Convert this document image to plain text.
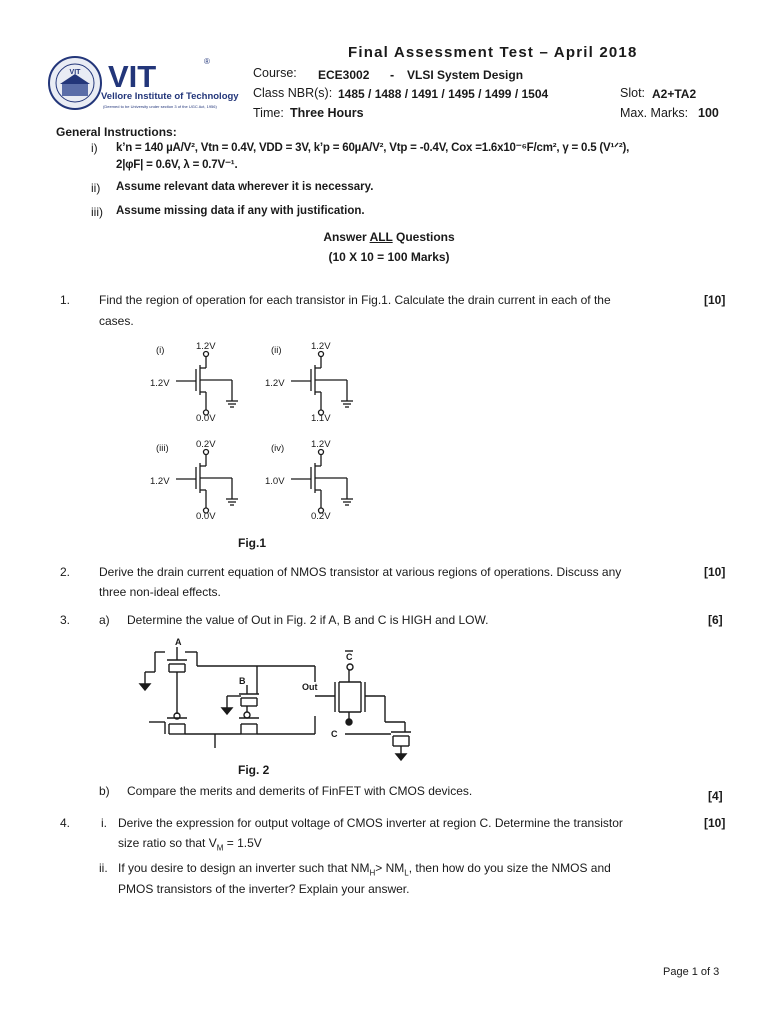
VIT VIT	®
Vellore Institute of Technology
(Deemed to be University under section 3 of the UGC Act, 1956)
Final Assessment Test – April 2018
Course: ECE3002 - VLSI System Design
Class NBR(s): 1485 / 1488 / 1491 / 1495 / 1499 / 1504	Slot: A2+TA2
Time: Three Hours	Max. Marks: 100
General Instructions:
i) k’n = 140 µA/V², Vtn = 0.4V, VDD = 3V, k’p = 60µA/V², Vtp = -0.4V, Cox =1.6x10⁻⁶F/cm², γ = 0.5 (V¹ᐟ²),
2|φF| = 0.6V, λ = 0.7V⁻¹.
ii) Assume relevant data wherever it is necessary.
iii) Assume missing data if any with justification.
Answer ALL Questions
(10 X 10 = 100 Marks)
1. Find the region of operation for each transistor in Fig.1. Calculate the drain current in each of the
cases.
[10]
(i)	1.2V
1.2V
0.0V
(ii)	1.2V
1.2V
1.1V
(iii)	0.2V
1.2V
0.0V
(iv)	1.2V
1.0V
0.2V
Fig.1
2. Derive the drain current equation of NMOS transistor at various regions of operations. Discuss any
three non-ideal effects.
[10]
3. a) Determine the value of Out in Fig. 2 if A, B and C is HIGH and LOW.	[6]
A
B
Out
C
C
Fig. 2
b) Compare the merits and demerits of FinFET with CMOS devices.	[4]
4.	[10]
i. Derive the expression for output voltage of CMOS inverter at region C. Determine the transistor
size ratio so that $V_M = 1.5V$
ii. If you desire to design an inverter such that $NM_H> NM_L$, then how do you size the NMOS and
PMOS transistors of the inverter? Explain your answer.
Page 1 of 3
